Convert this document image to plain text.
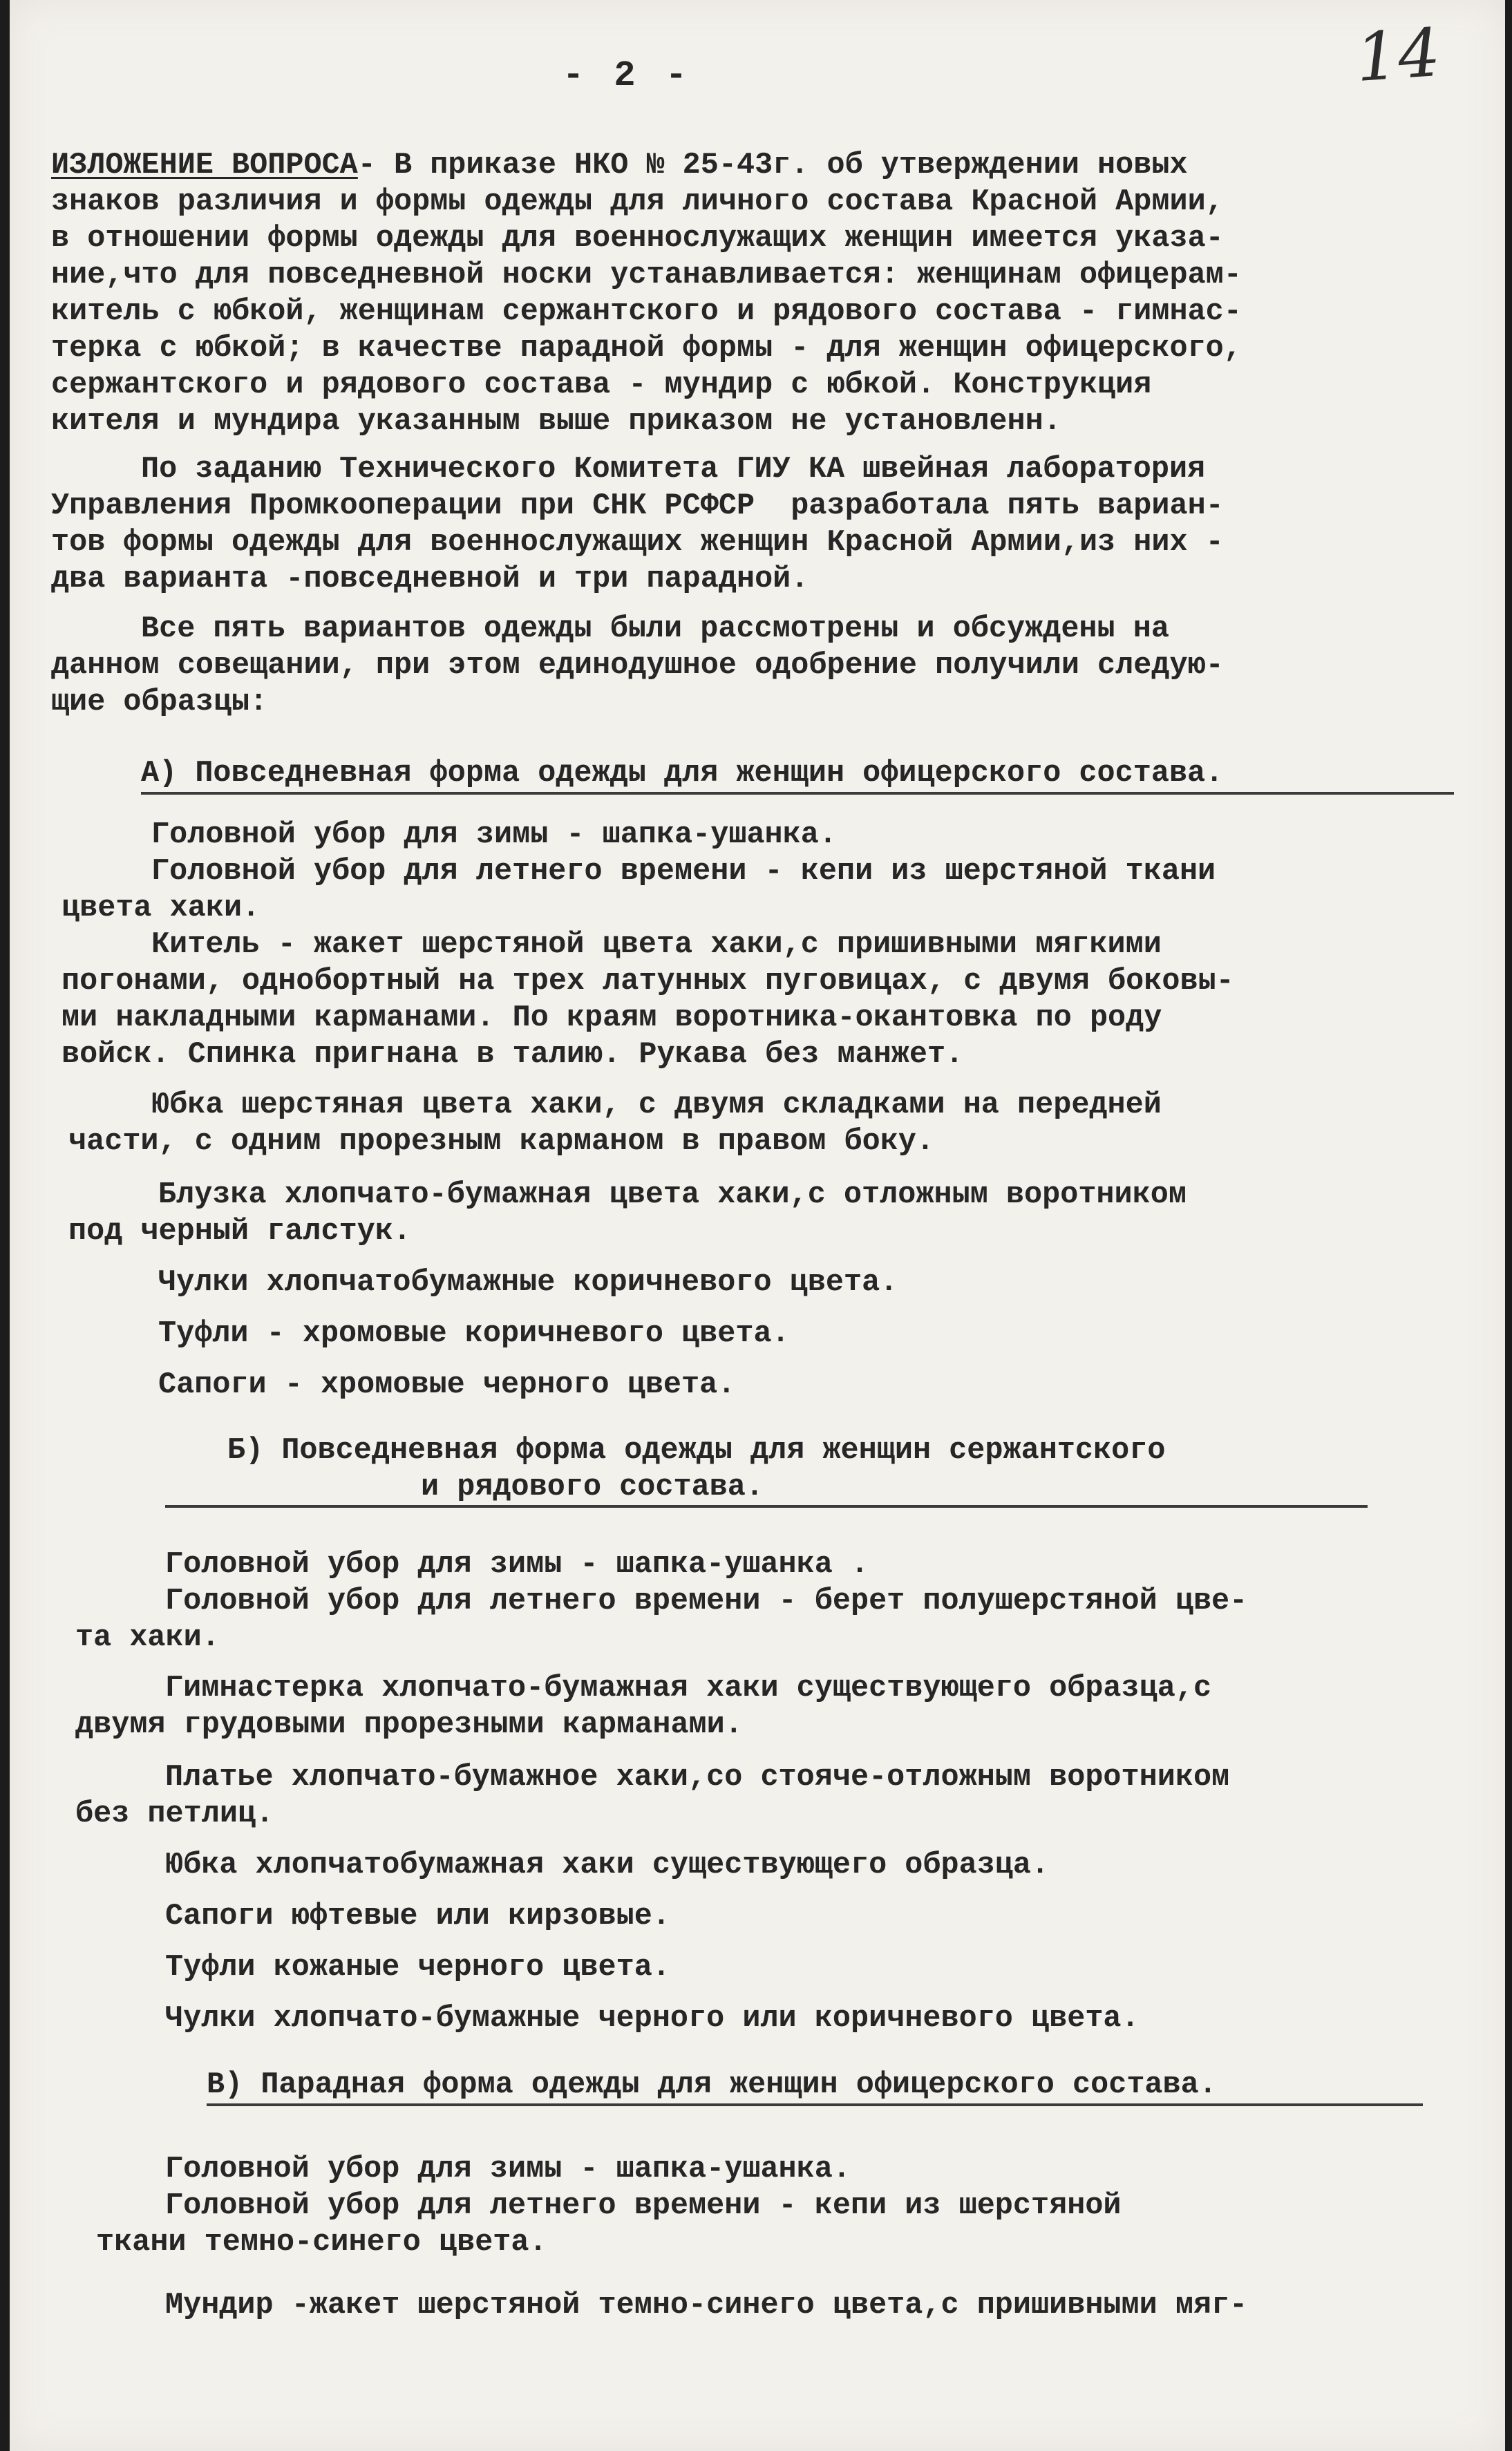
- 2 -	14
ИЗЛОЖЕНИЕ ВОПРОСА- В приказе НКО № 25-43г. об утверждении новых
знаков различия и формы одежды для личного состава Красной Армии,
в отношении формы одежды для военнослужащих женщин имеется указа-
ние,что для повседневной носки устанавливается: женщинам офицерам-
китель с юбкой, женщинам сержантского и рядового состава - гимнас-
терка с юбкой; в качестве парадной формы - для женщин офицерского,
сержантского и рядового состава - мундир с юбкой. Конструкция
кителя и мундира указанным выше приказом не установленн.
По заданию Технического Комитета ГИУ КА швейная лаборатория
Управления Промкооперации при СНК РСФСР  разработала пять вариан-
тов формы одежды для военнослужащих женщин Красной Армии,из них -
два варианта -повседневной и три парадной.
Все пять вариантов одежды были рассмотрены и обсуждены на
данном совещании, при этом единодушное одобрение получили следую-
щие образцы:
А) Повседневная форма одежды для женщин офицерского состава.
Головной убор для зимы - шапка-ушанка.
Головной убор для летнего времени - кепи из шерстяной ткани
цвета хаки.
Китель - жакет шерстяной цвета хаки,с пришивными мягкими
погонами, однобортный на трех латунных пуговицах, с двумя боковы-
ми накладными карманами. По краям воротника-окантовка по роду
войск. Спинка пригнана в талию. Рукава без манжет.
Юбка шерстяная цвета хаки, с двумя складками на передней
части, с одним прорезным карманом в правом боку.
Блузка хлопчато-бумажная цвета хаки,с отложным воротником
под черный галстук.
Чулки хлопчатобумажные коричневого цвета.
Туфли - хромовые коричневого цвета.
Сапоги - хромовые черного цвета.
Б) Повседневная форма одежды для женщин сержантского
и рядового состава.
Головной убор для зимы - шапка-ушанка .
Головной убор для летнего времени - берет полушерстяной цве-
та хаки.
Гимнастерка хлопчато-бумажная хаки существующего образца,с
двумя грудовыми прорезными карманами.
Платье хлопчато-бумажное хаки,со стояче-отложным воротником
без петлиц.
Юбка хлопчатобумажная хаки существующего образца.
Сапоги юфтевые или кирзовые.
Туфли кожаные черного цвета.
Чулки хлопчато-бумажные черного или коричневого цвета.
В) Парадная форма одежды для женщин офицерского состава.
Головной убор для зимы - шапка-ушанка.
Головной убор для летнего времени - кепи из шерстяной
ткани темно-синего цвета.
Мундир -жакет шерстяной темно-синего цвета,с пришивными мяг-
